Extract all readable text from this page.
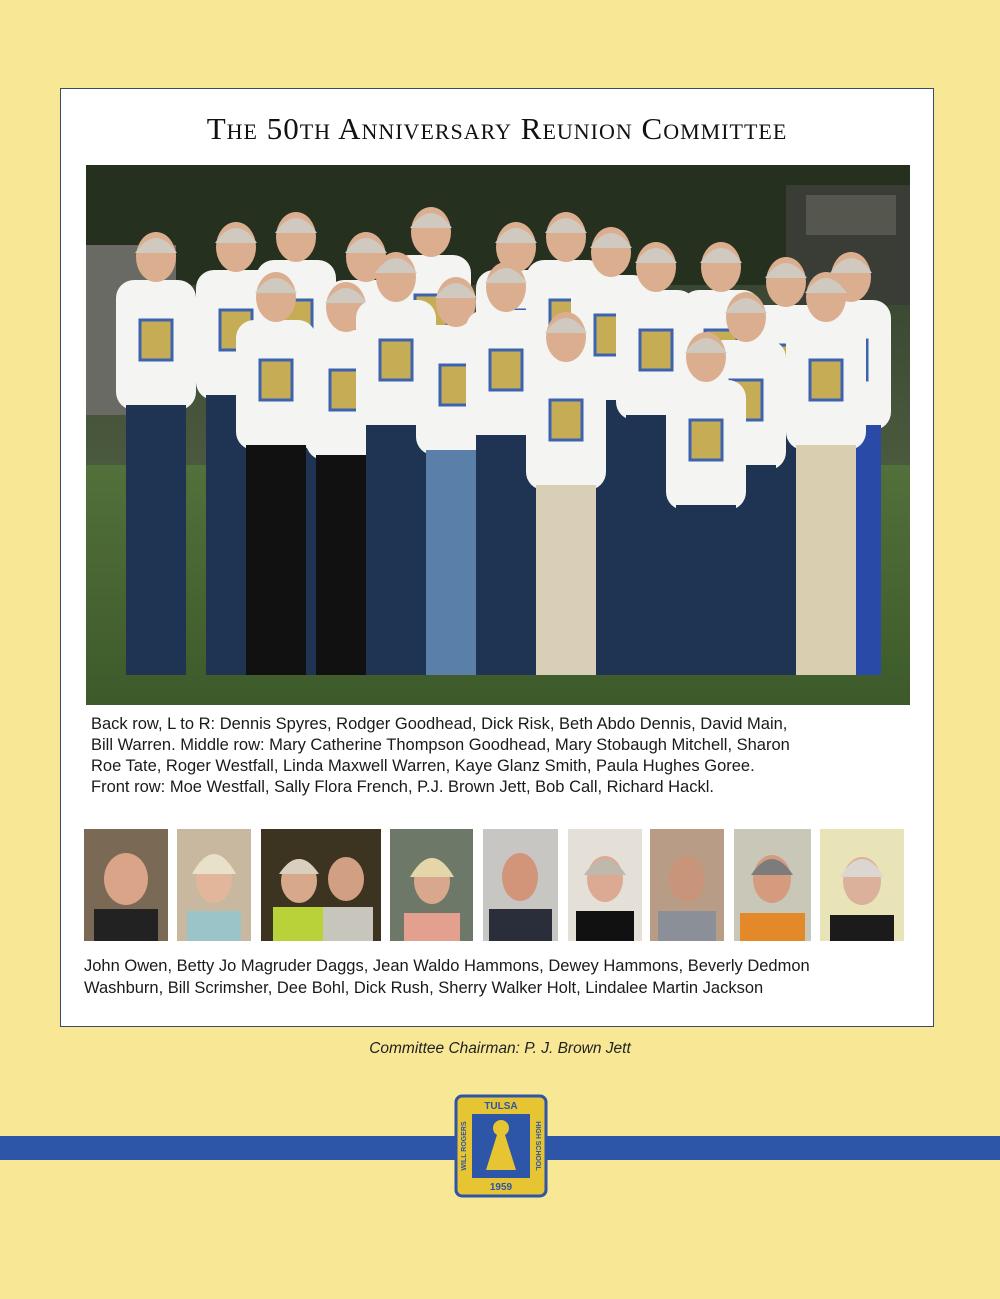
The 50th Anniversary Reunion Committee
Back row, L to R: Dennis Spyres, Rodger Goodhead, Dick Risk, Beth Abdo Dennis, David Main,
Bill Warren. Middle row: Mary Catherine Thompson Goodhead, Mary Stobaugh Mitchell, Sharon
Roe Tate, Roger Westfall, Linda Maxwell Warren, Kaye Glanz Smith, Paula Hughes Goree.
Front row: Moe Westfall, Sally Flora French, P.J. Brown Jett, Bob Call, Richard Hackl.
John Owen, Betty Jo Magruder Daggs, Jean Waldo Hammons, Dewey Hammons, Beverly Dedmon
Washburn, Bill Scrimsher, Dee Bohl, Dick Rush, Sherry Walker Holt, Lindalee Martin Jackson
Committee Chairman: P. J. Brown Jett
TULSA
1959
WILL ROGERS	HIGH SCHOOL
